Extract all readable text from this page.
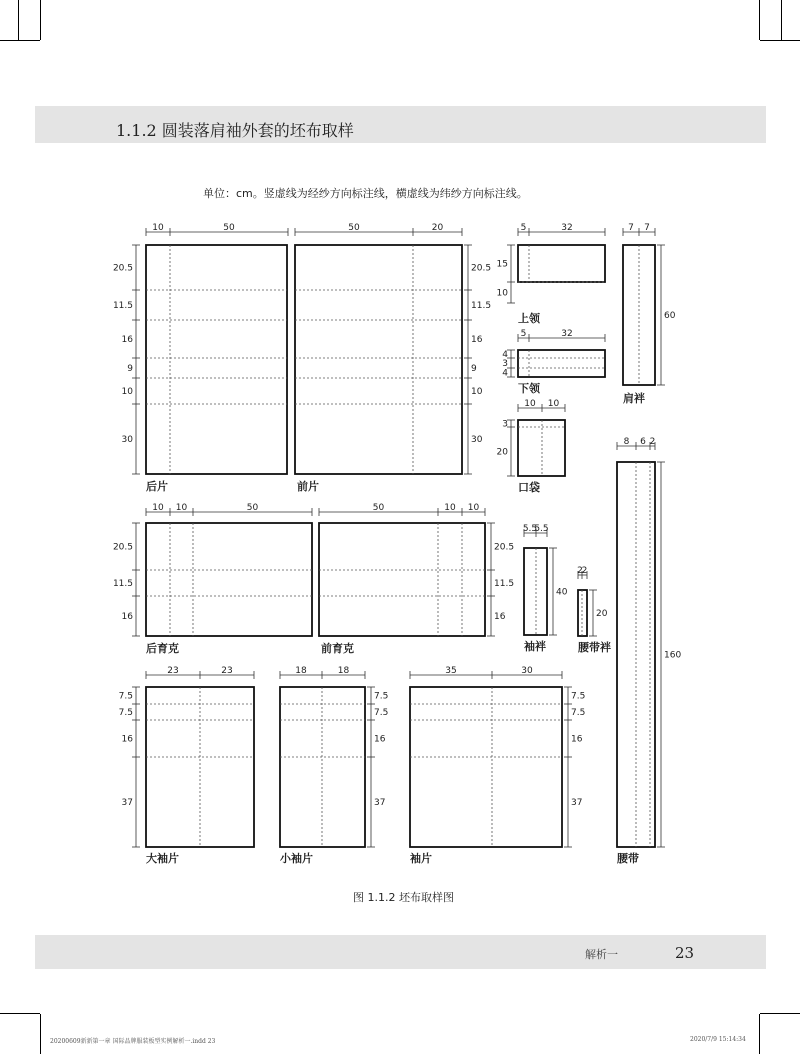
1.1.2 圆装落肩袖外套的坯布取样
单位：cm。竖虚线为经纱方向标注线，横虚线为纬纱方向标注线。
10	50
20.5
11.5
16
9
10
30
后片
50	20
20.5
11.5
16
9
10
30
前片
5	32
15
10
上领
5	32
4
3
4
下领
10 10
3
20
口袋
7 7
60
肩袢
10 10	50
20.5
11.5
16
后育克
50	10 10
20.5
11.5
16
前育克
5.5
5.5
40
袖袢
2
2
20
腰带袢
8 6 2
160
腰带
23	23
7.5
7.5
16
37
大袖片
18	18
7.5
7.5
16
37
小袖片
35	30
7.5
7.5
16
37
袖片
图 1.1.2 坯布取样图
解析一	23
20200609新新第一章 国际品牌服装板型实例解析一.indd 23	2020/7/9 15:14:34
